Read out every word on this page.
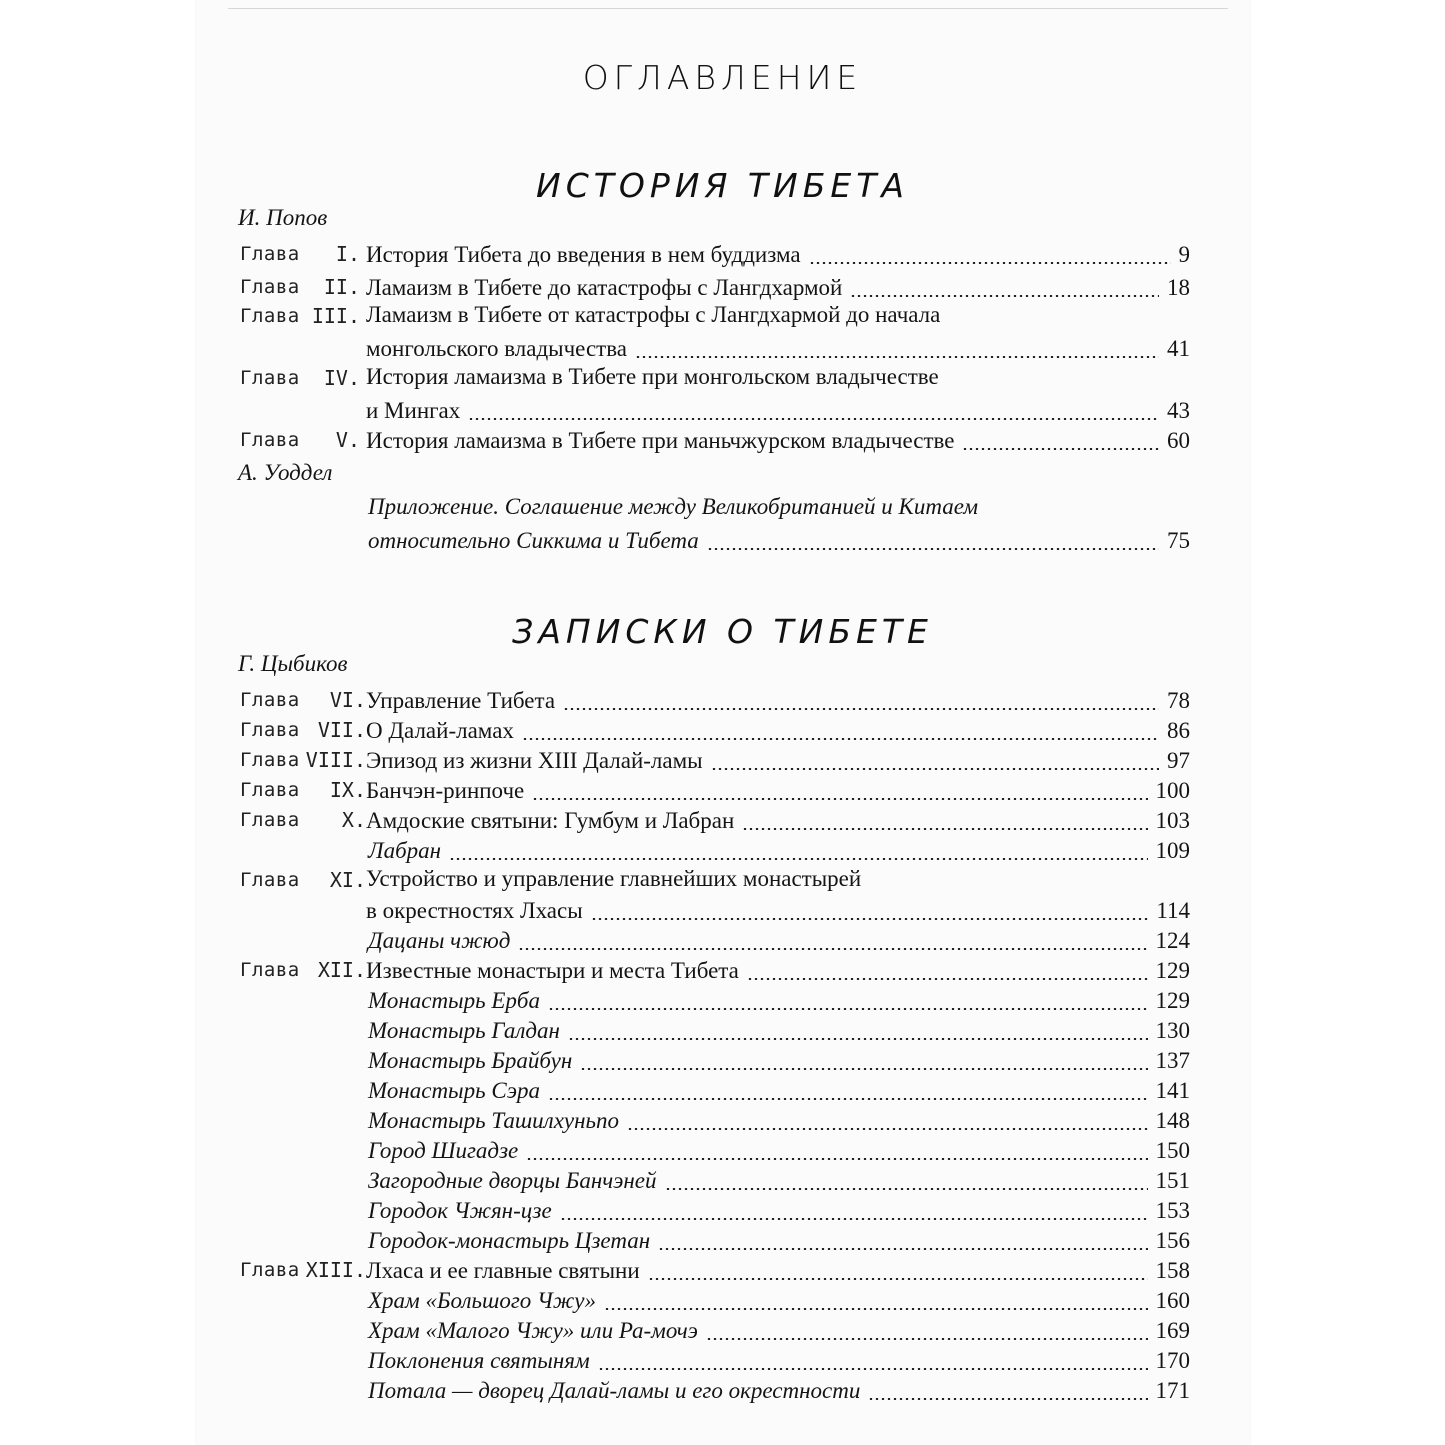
ОГЛАВЛЕНИЕ
ИСТОРИЯ ТИБЕТА
И. Попов
Глава	I. История Тибета до введения в нем буддизма	9
Глава	II. Ламаизм в Тибете до катастрофы с Лангдхармой	18
Глава III. Ламаизм в Тибете от катастрофы с Лангдхармой до начала
монгольского владычества	41
Глава	IV. История ламаизма в Тибете при монгольском владычестве
и Мингах	43
Глава	V. История ламаизма в Тибете при маньчжурском владычестве	60
А. Уоддел
Приложение. Соглашение между Великобританией и Китаем
относительно Сиккима и Тибета	75
ЗАПИСКИ О ТИБЕТЕ
Г. Цыбиков
Глава	VI. Управление Тибета	78
Глава VII. О Далай-ламах	86
Глава VIII. Эпизод из жизни XIII Далай-ламы	97
Глава	IX. Банчэн-ринпоче	100
Глава	X. Амдоские святыни: Гумбум и Лабран	103
Лабран	109
Глава	XI. Устройство и управление главнейших монастырей
в окрестностях Лхасы	114
Дацаны чжюд	124
Глава XII. Известные монастыри и места Тибета	129
Монастырь Ерба	129
Монастырь Галдан	130
Монастырь Брайбун	137
Монастырь Сэра	141
Монастырь Ташилхуньпо	148
Город Шигадзе	150
Загородные дворцы Банчэней	151
Городок Чжян-цзе	153
Городок-монастырь Цзетан	156
Глава XIII. Лхаса и ее главные святыни	158
Храм «Большого Чжу»	160
Храм «Малого Чжу» или Ра-мочэ	169
Поклонения святыням	170
Потала — дворец Далай-ламы и его окрестности	171
